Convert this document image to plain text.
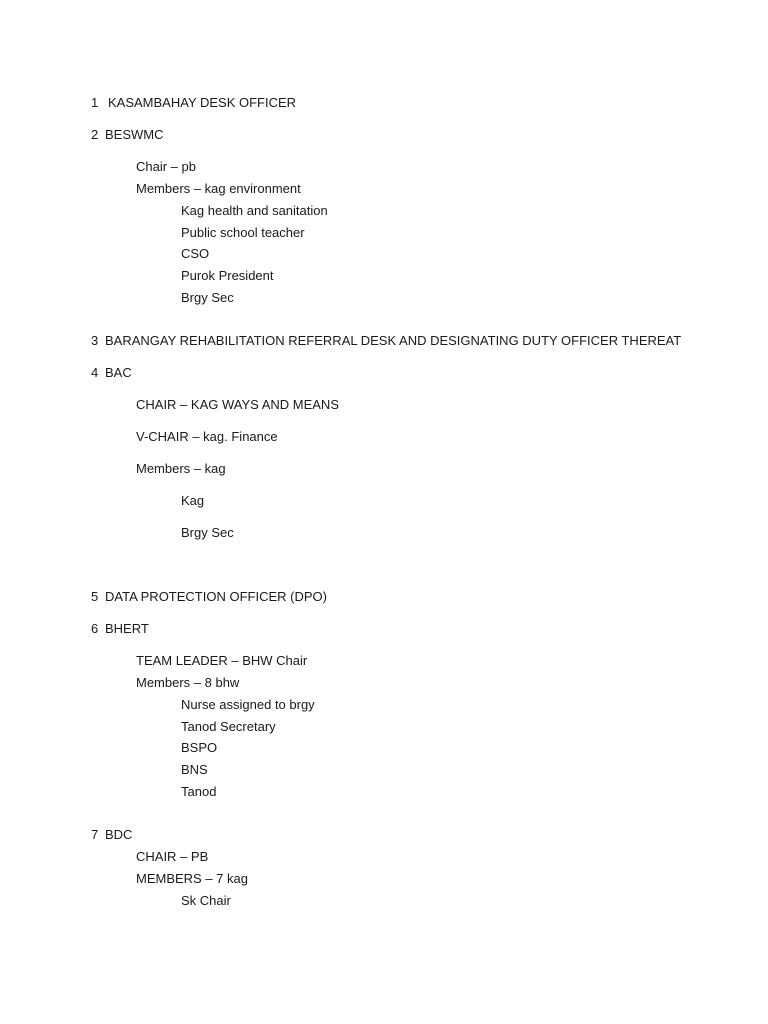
1 KASAMBAHAY DESK OFFICER
2 BESWMC
Chair – pb
Members – kag environment
Kag health and sanitation
Public school teacher
CSO
Purok President
Brgy Sec
3 BARANGAY REHABILITATION REFERRAL DESK AND DESIGNATING DUTY OFFICER THEREAT
4 BAC
CHAIR – KAG WAYS AND MEANS
V-CHAIR – kag. Finance
Members – kag
Kag
Brgy Sec
5 DATA PROTECTION OFFICER (DPO)
6 BHERT
TEAM LEADER – BHW Chair
Members – 8 bhw
Nurse assigned to brgy
Tanod Secretary
BSPO
BNS
Tanod
7 BDC
CHAIR – PB
MEMBERS – 7 kag
Sk Chair
